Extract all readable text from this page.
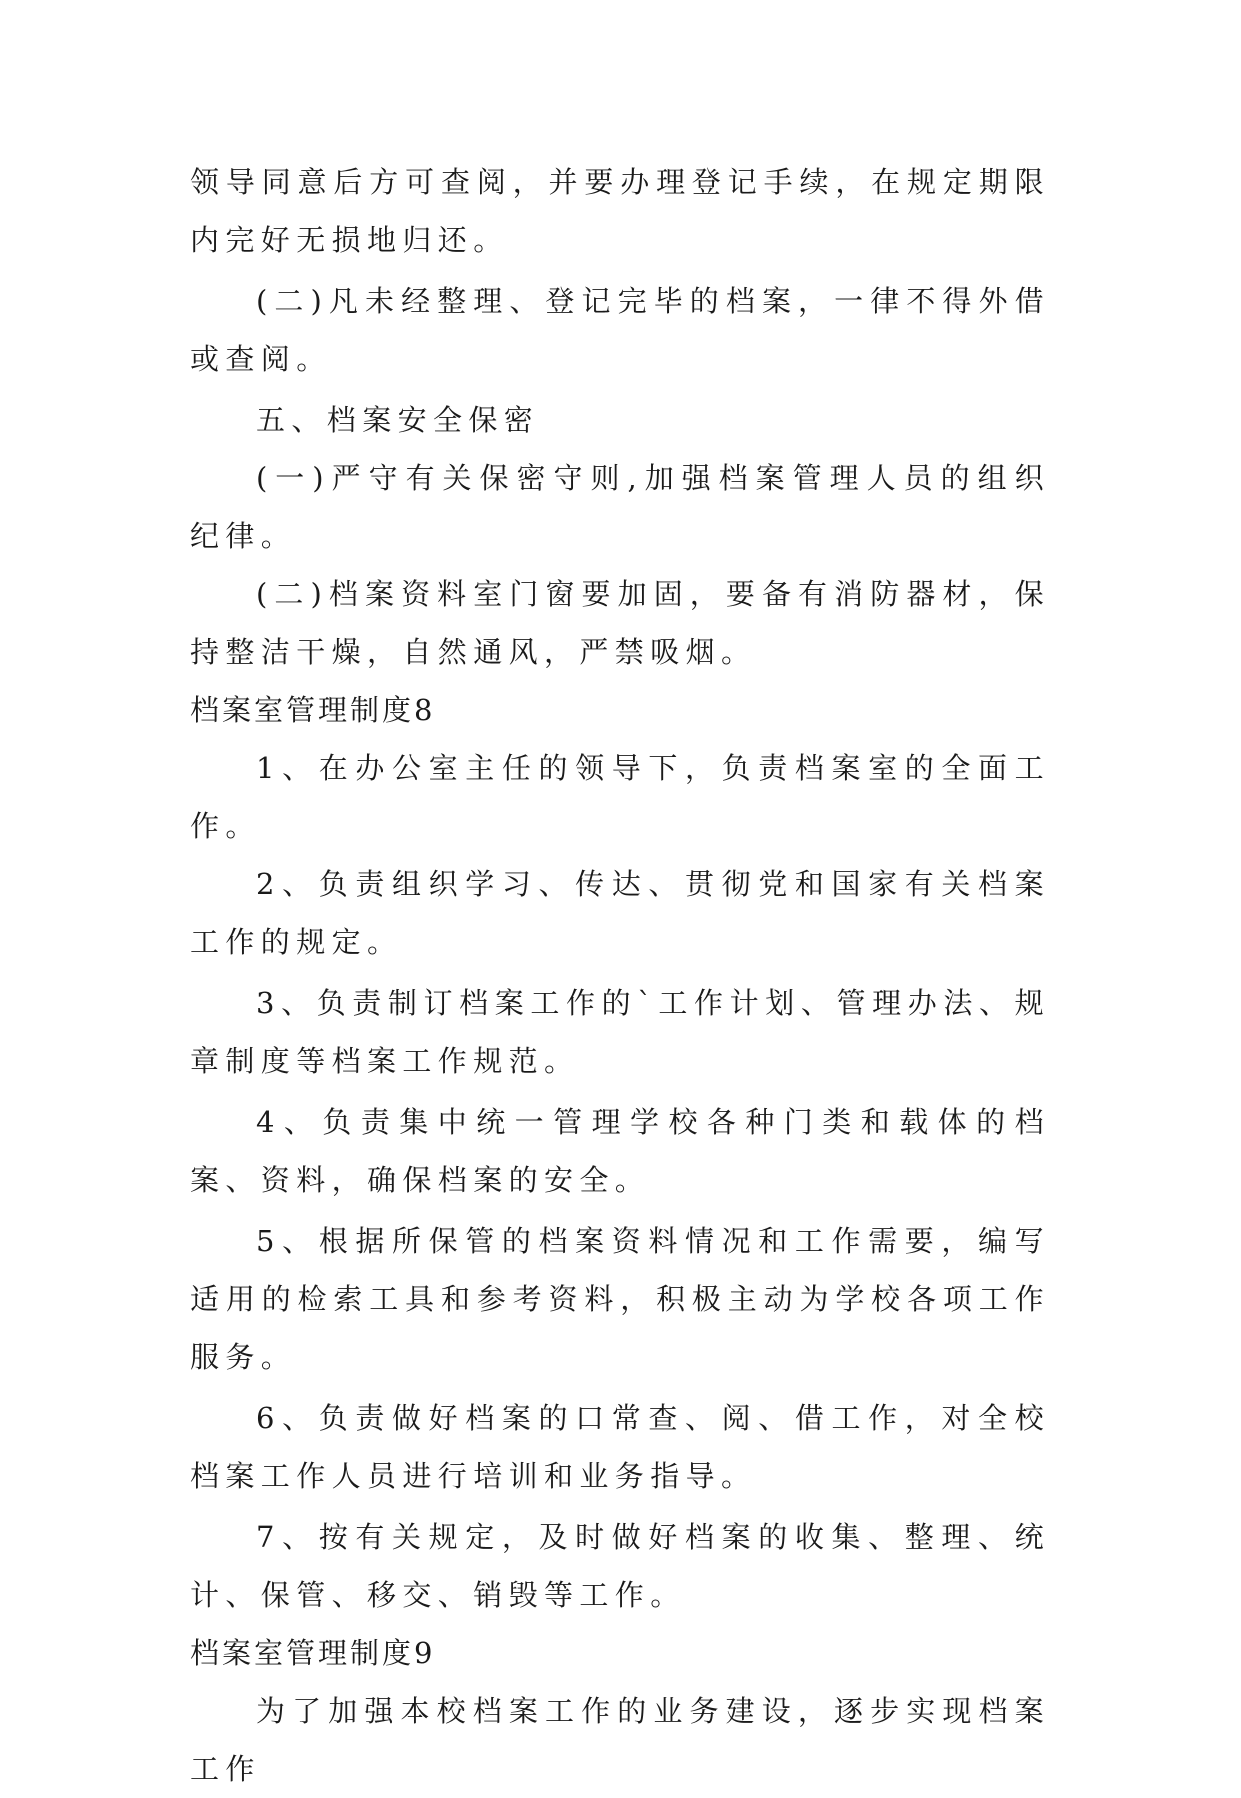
领导同意后方可查阅，并要办理登记手续，在规定期限内完好无损地归还。

(二)凡未经整理、登记完毕的档案，一律不得外借或查阅。

五、档案安全保密

(一)严守有关保密守则,加强档案管理人员的组织纪律。

(二)档案资料室门窗要加固，要备有消防器材，保持整洁干燥，自然通风，严禁吸烟。

档案室管理制度8

1、在办公室主任的领导下，负责档案室的全面工作。

2、负责组织学习、传达、贯彻党和国家有关档案工作的规定。

3、负责制订档案工作的`工作计划、管理办法、规章制度等档案工作规范。

4、负责集中统一管理学校各种门类和载体的档案、资料，确保档案的安全。

5、根据所保管的档案资料情况和工作需要，编写适用的检索工具和参考资料，积极主动为学校各项工作服务。

6、负责做好档案的口常查、阅、借工作，对全校档案工作人员进行培训和业务指导。

7、按有关规定，及时做好档案的收集、整理、统计、保管、移交、销毁等工作。

档案室管理制度9

为了加强本校档案工作的业务建设，逐步实现档案工作
